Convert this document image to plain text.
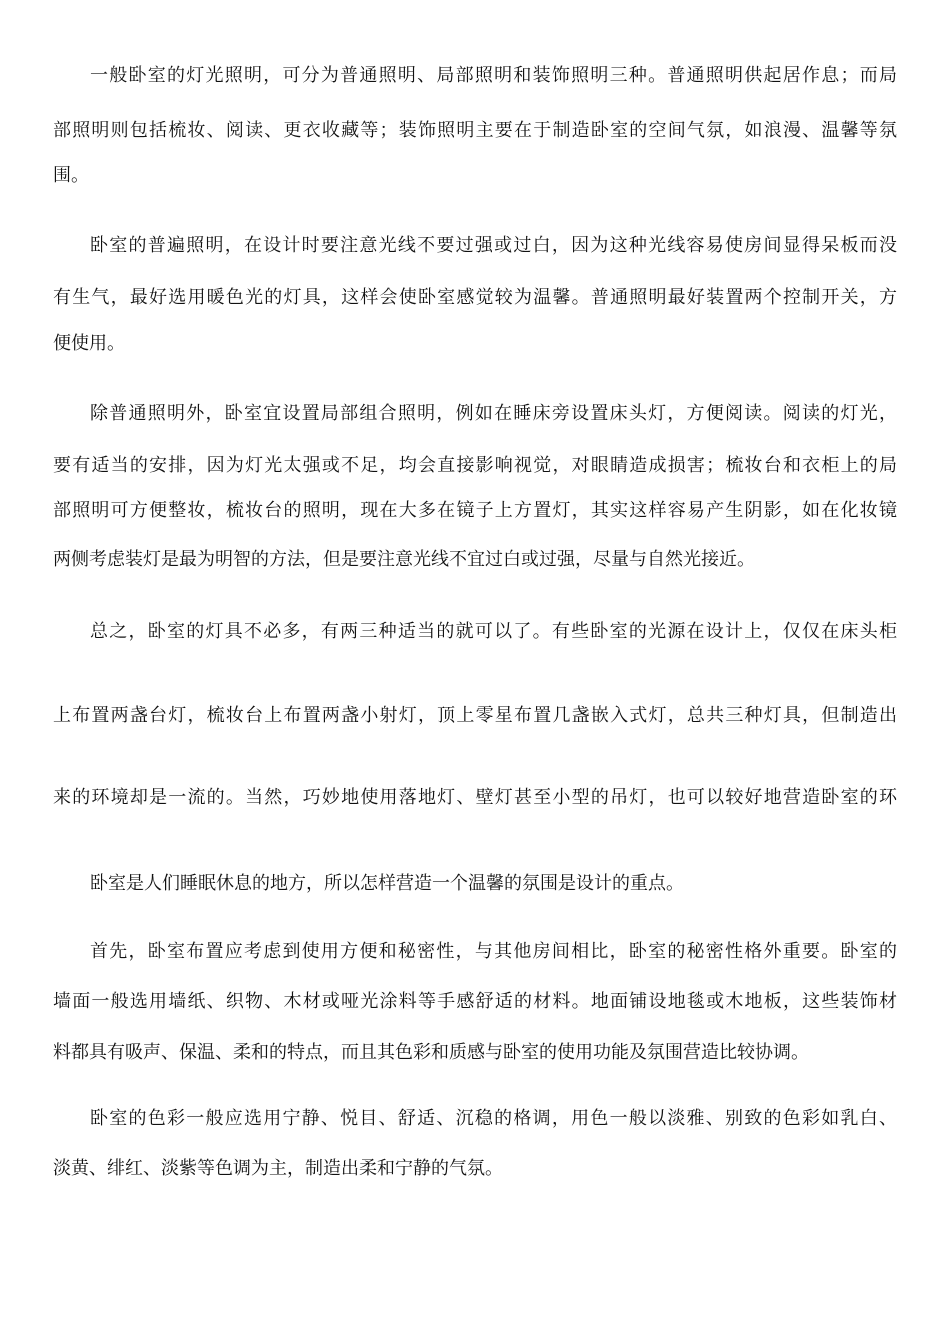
一般卧室的灯光照明，可分为普通照明、局部照明和装饰照明三种。普通照明供起居作息；而局
部照明则包括梳妆、阅读、更衣收藏等；装饰照明主要在于制造卧室的空间气氛，如浪漫、温馨等氛
围。
卧室的普遍照明，在设计时要注意光线不要过强或过白，因为这种光线容易使房间显得呆板而没
有生气，最好选用暖色光的灯具，这样会使卧室感觉较为温馨。普通照明最好装置两个控制开关，方
便使用。
除普通照明外，卧室宜设置局部组合照明，例如在睡床旁设置床头灯，方便阅读。阅读的灯光，
要有适当的安排，因为灯光太强或不足，均会直接影响视觉，对眼睛造成损害；梳妆台和衣柜上的局
部照明可方便整妆，梳妆台的照明，现在大多在镜子上方置灯，其实这样容易产生阴影，如在化妆镜
两侧考虑装灯是最为明智的方法，但是要注意光线不宜过白或过强，尽量与自然光接近。
总之，卧室的灯具不必多，有两三种适当的就可以了。有些卧室的光源在设计上，仅仅在床头柜
上布置两盏台灯，梳妆台上布置两盏小射灯，顶上零星布置几盏嵌入式灯，总共三种灯具，但制造出
来的环境却是一流的。当然，巧妙地使用落地灯、壁灯甚至小型的吊灯，也可以较好地营造卧室的环
卧室是人们睡眠休息的地方，所以怎样营造一个温馨的氛围是设计的重点。
首先，卧室布置应考虑到使用方便和秘密性，与其他房间相比，卧室的秘密性格外重要。卧室的
墙面一般选用墙纸、织物、木材或哑光涂料等手感舒适的材料。地面铺设地毯或木地板，这些装饰材
料都具有吸声、保温、柔和的特点，而且其色彩和质感与卧室的使用功能及氛围营造比较协调。
卧室的色彩一般应选用宁静、悦目、舒适、沉稳的格调，用色一般以淡雅、别致的色彩如乳白、
淡黄、绯红、淡紫等色调为主，制造出柔和宁静的气氛。
